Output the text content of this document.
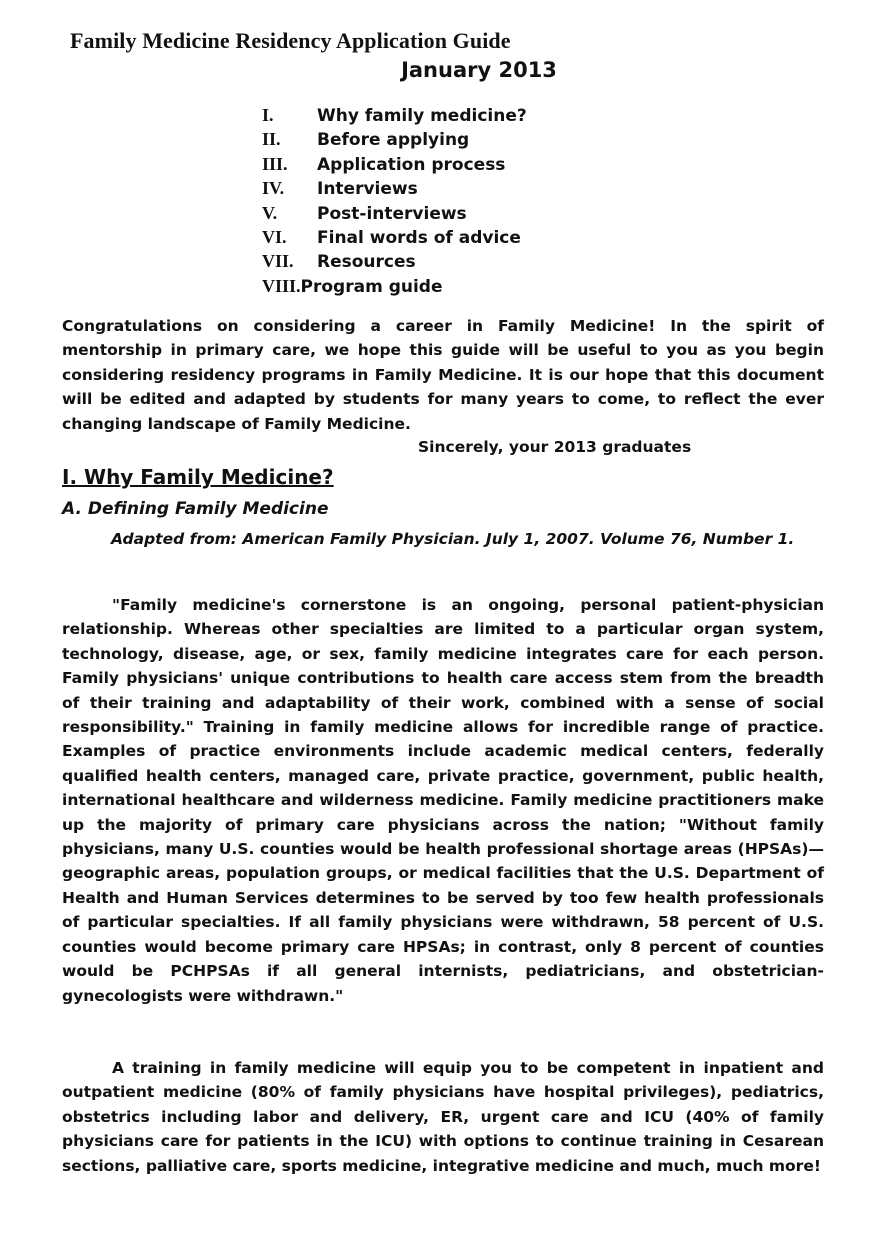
Family Medicine Residency Application Guide
January 2013
I.	Why family medicine?
II. Before applying
III. Application process
IV. Interviews
V. Post-interviews
VI. Final words of advice
VII. Resources
VIII.Program guide

Congratulations on considering a career in Family Medicine! In the spirit of mentorship in primary care, we hope this guide will be useful to you as you begin considering residency programs in Family Medicine. It is our hope that this document will be edited and adapted by students for many years to come, to reflect the ever changing landscape of Family Medicine.

Sincerely, your 2013 graduates
I. Why Family Medicine?
A. Defining Family Medicine

Adapted from: American Family Physician. July 1, 2007. Volume 76, Number 1.

"Family medicine's cornerstone is an ongoing, personal patient-physician relationship. Whereas other specialties are limited to a particular organ system, technology, disease, age, or sex, family medicine integrates care for each person. Family physicians' unique contributions to health care access stem from the breadth of their training and adaptability of their work, combined with a sense of social responsibility." Training in family medicine allows for incredible range of practice. Examples of practice environments include academic medical centers, federally qualified health centers, managed care, private practice, government, public health, international healthcare and wilderness medicine. Family medicine practitioners make up the majority of primary care physicians across the nation; "Without family physicians, many U.S. counties would be health professional shortage areas (HPSAs)—geographic areas, population groups, or medical facilities that the U.S. Department of Health and Human Services determines to be served by too few health professionals of particular specialties. If all family physicians were withdrawn, 58 percent of U.S. counties would become primary care HPSAs; in contrast, only 8 percent of counties would be PCHPSAs if all general internists, pediatricians, and obstetrician-gynecologists were withdrawn."

A training in family medicine will equip you to be competent in inpatient and outpatient medicine (80% of family physicians have hospital privileges), pediatrics, obstetrics including labor and delivery, ER, urgent care and ICU (40% of family physicians care for patients in the ICU) with options to continue training in Cesarean sections, palliative care, sports medicine, integrative medicine and much, much more!
